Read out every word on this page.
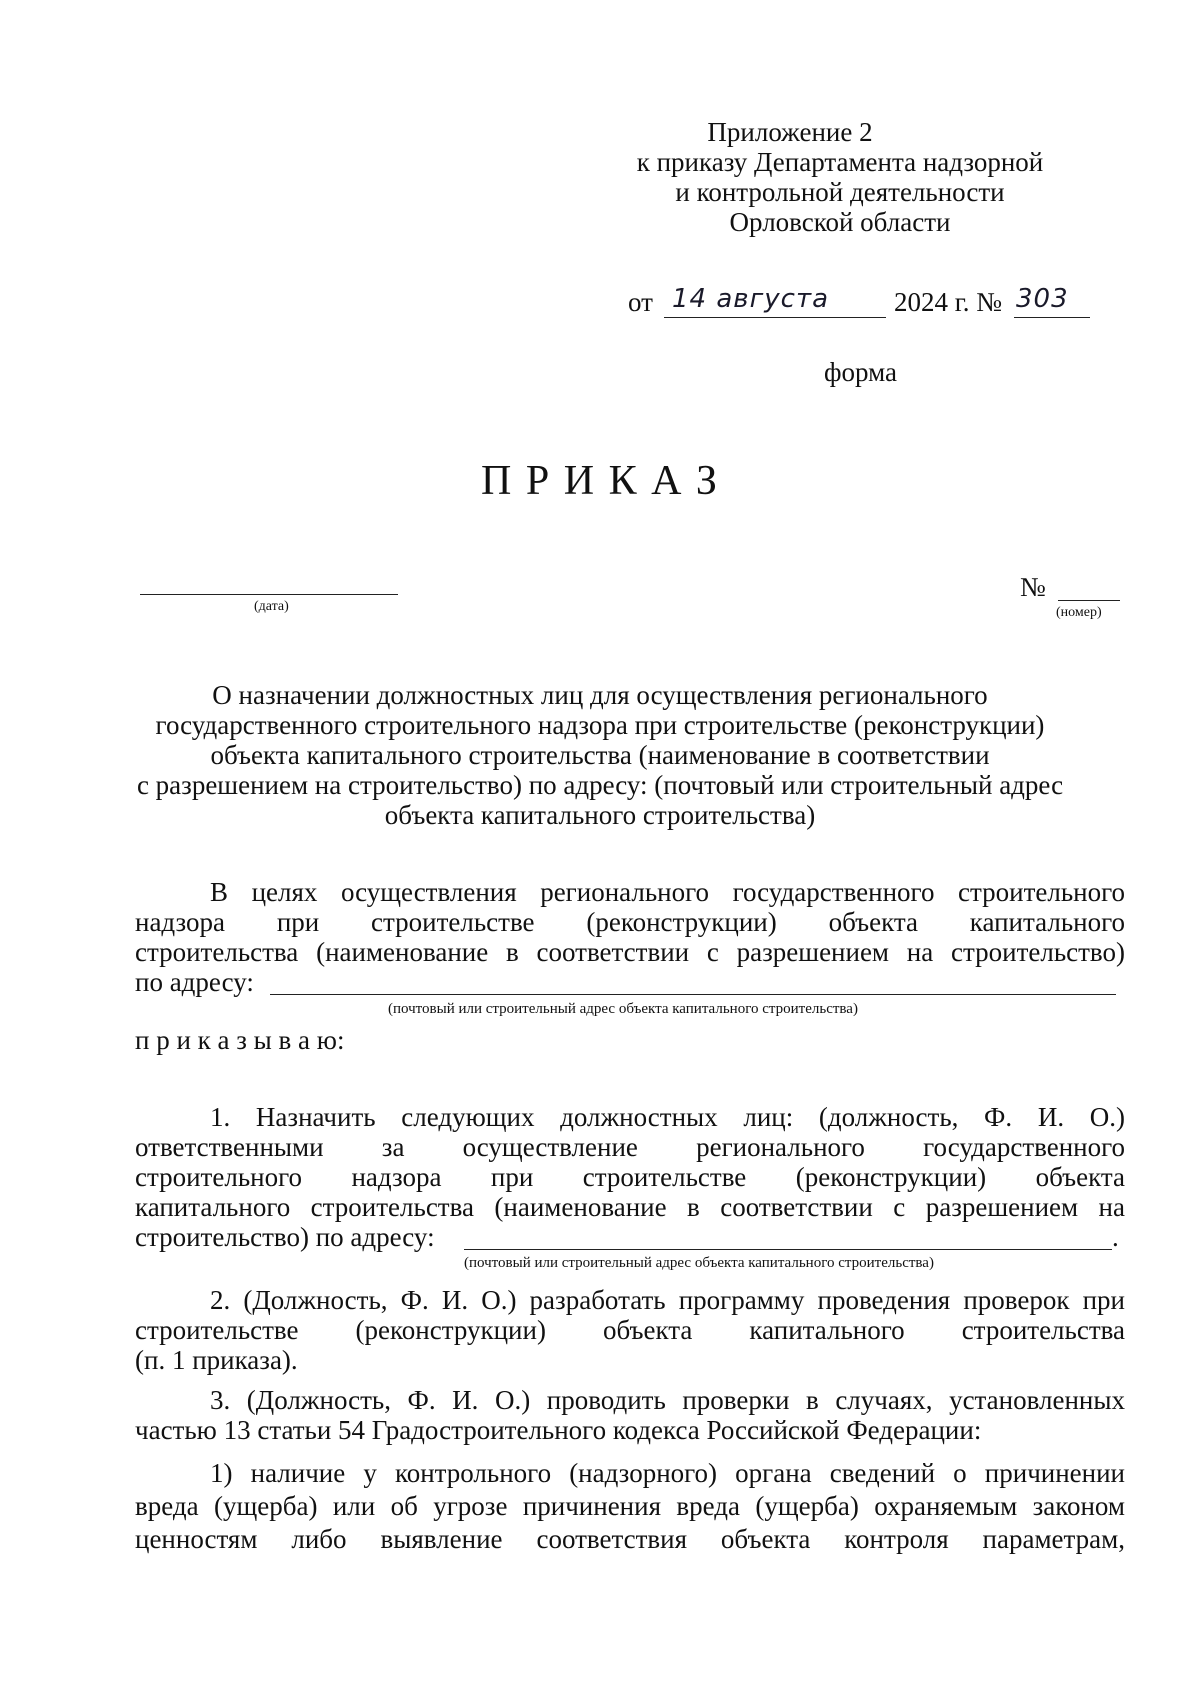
Приложение 2
к приказу Департамента надзорной
и контрольной деятельности
Орловской области
от 14 августа 2024 г. № 303
форма
П Р И К А З
(дата)
№
(номер)
О назначении должностных лиц для осуществления регионального
государственного строительного надзора при строительстве (реконструкции)
объекта капитального строительства (наименование в соответствии
с разрешением на строительство) по адресу: (почтовый или строительный адрес
объекта капитального строительства)
В целях осуществления регионального государственного строительного
надзора при строительстве (реконструкции) объекта капитального
строительства (наименование в соответствии с разрешением на строительство)
по адресу:
(почтовый или строительный адрес объекта капитального строительства)
п р и к а з ы в а ю:
1. Назначить следующих должностных лиц: (должность, Ф. И. О.)
ответственными за осуществление регионального государственного
строительного надзора при строительстве (реконструкции) объекта
капитального строительства (наименование в соответствии с разрешением на
строительство) по адресу:	.
(почтовый или строительный адрес объекта капитального строительства)
2. (Должность, Ф. И. О.) разработать программу проведения проверок при
строительстве (реконструкции) объекта капитального строительства
(п. 1 приказа).
3. (Должность, Ф. И. О.) проводить проверки в случаях, установленных
частью 13 статьи 54 Градостроительного кодекса Российской Федерации:
1) наличие у контрольного (надзорного) органа сведений о причинении
вреда (ущерба) или об угрозе причинения вреда (ущерба) охраняемым законом
ценностям либо выявление соответствия объекта контроля параметрам,
